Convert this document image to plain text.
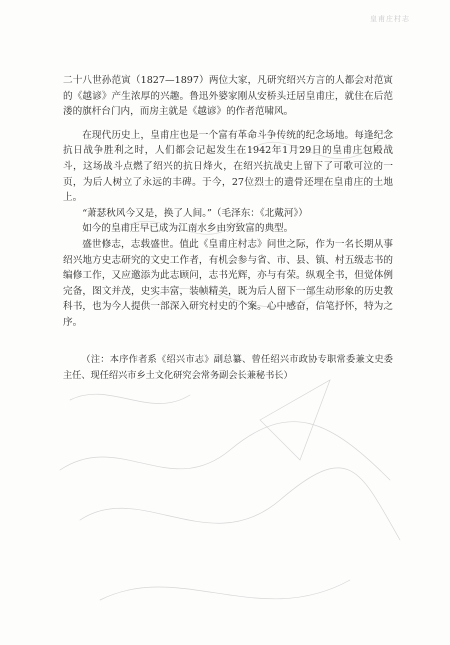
皇甫庄村志

二十八世孙范寅（1827—1897）两位大家，凡研究绍兴方言的人都会对范寅的《越谚》产生浓厚的兴趣。鲁迅外婆家刚从安桥头迁居皇甫庄，就住在后范溇的旗杆台门内，而房主就是《越谚》的作者范啸风。

在现代历史上，皇甫庄也是一个富有革命斗争传统的纪念场地。每逢纪念抗日战争胜利之时，人们都会记起发生在1942年1月29日的皇甫庄包殿战斗，这场战斗点燃了绍兴的抗日烽火，在绍兴抗战史上留下了可歌可泣的一页，为后人树立了永远的丰碑。于今，27位烈士的遗骨还埋在皇甫庄的土地上。

“萧瑟秋风今又是，换了人间。”（毛泽东：《北戴河》）

如今的皇甫庄早已成为江南水乡由穷致富的典型。

盛世修志，志载盛世。值此《皇甫庄村志》问世之际，作为一名长期从事绍兴地方史志研究的文史工作者，有机会参与省、市、县、镇、村五级志书的编修工作，又应邀添为此志顾问，志书光辉，亦与有荣。纵观全书，但觉体例完备，图文并茂，史实丰富，装帧精美，既为后人留下一部生动形象的历史教科书，也为今人提供一部深入研究村史的个案。心中感奋，信笔抒怀，特为之序。

（注：本序作者系《绍兴市志》副总纂、曾任绍兴市政协专职常委兼文史委主任、现任绍兴市乡土文化研究会常务副会长兼秘书长）
